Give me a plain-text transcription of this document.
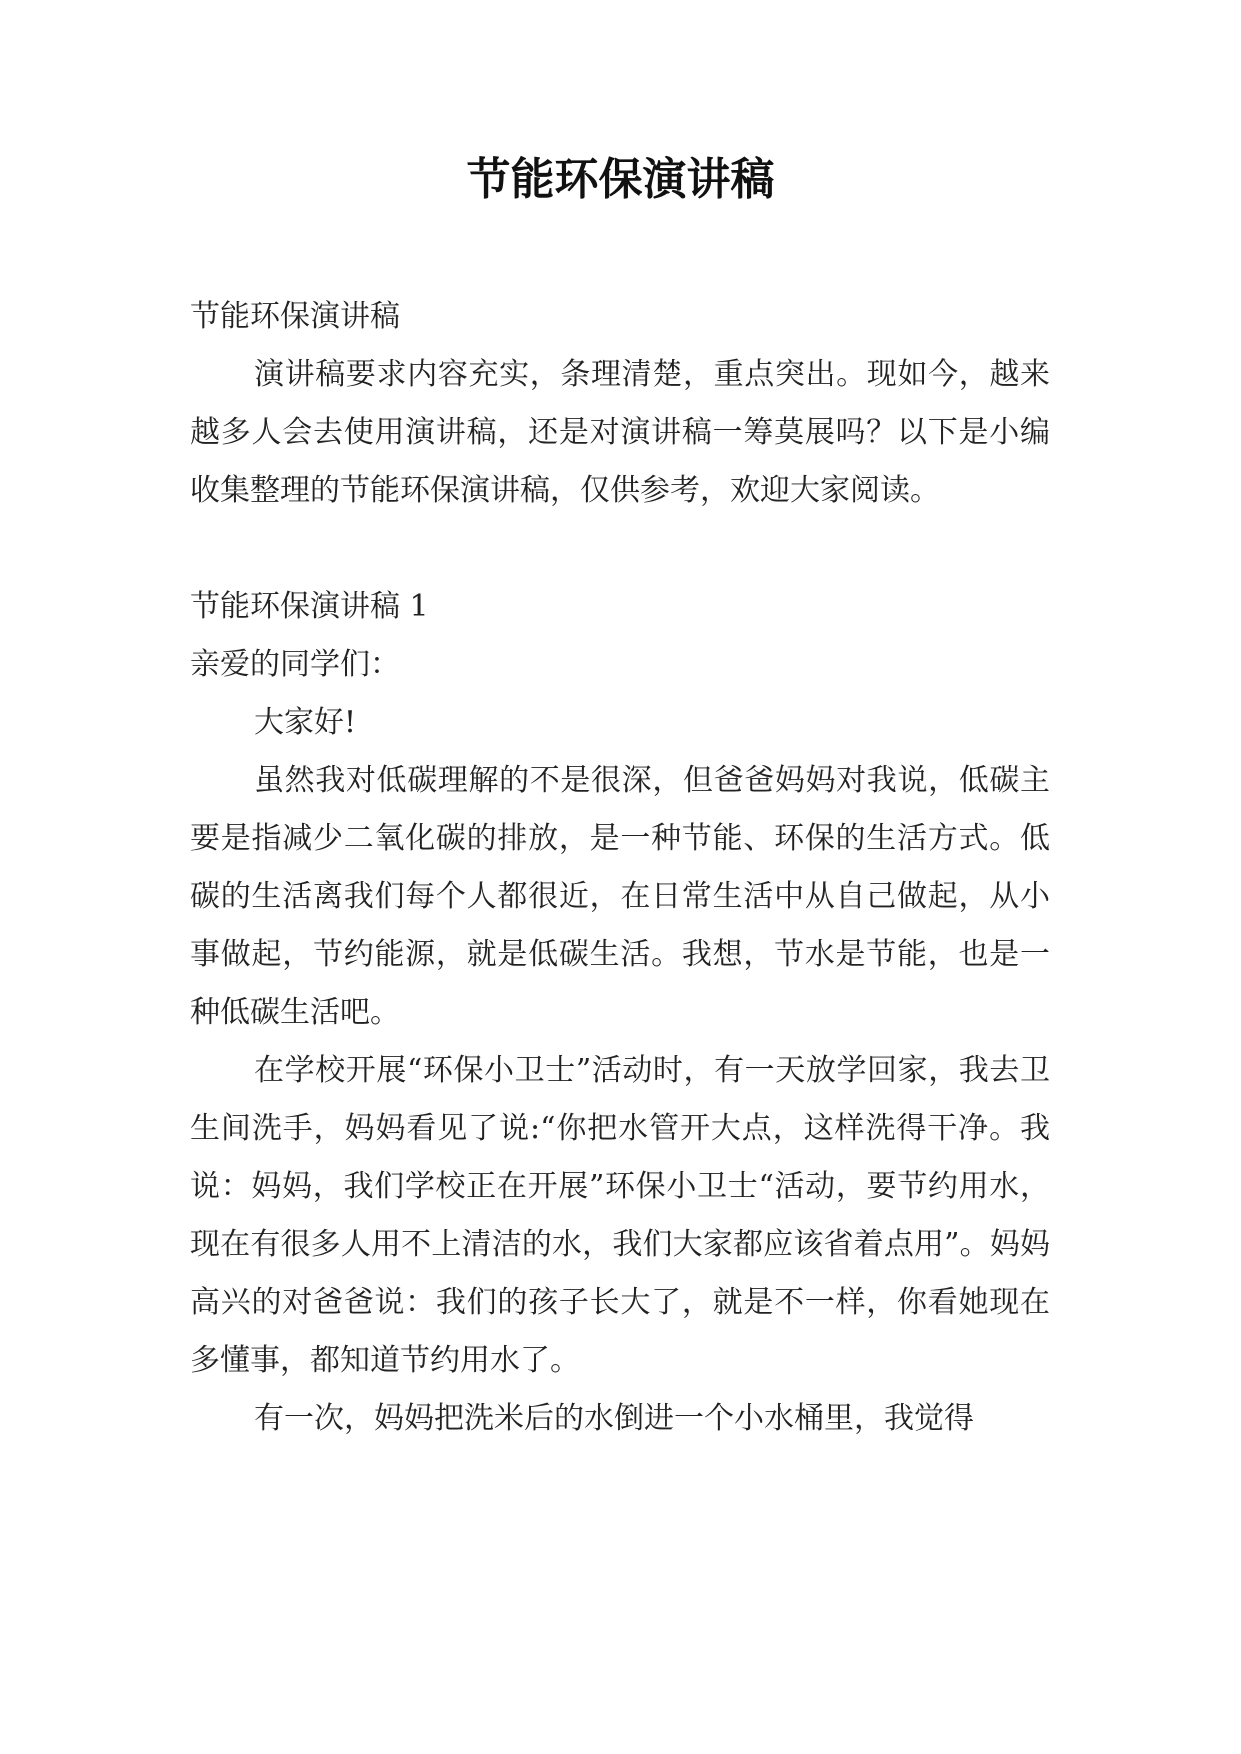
节能环保演讲稿

节能环保演讲稿

演讲稿要求内容充实，条理清楚，重点突出。现如今，越来越多人会去使用演讲稿，还是对演讲稿一筹莫展吗？以下是小编收集整理的节能环保演讲稿，仅供参考，欢迎大家阅读。

节能环保演讲稿 1

亲爱的同学们：

大家好!

虽然我对低碳理解的不是很深，但爸爸妈妈对我说，低碳主要是指减少二氧化碳的排放，是一种节能、环保的生活方式。低碳的生活离我们每个人都很近，在日常生活中从自己做起，从小事做起，节约能源，就是低碳生活。我想，节水是节能，也是一种低碳生活吧。

在学校开展“环保小卫士”活动时，有一天放学回家，我去卫生间洗手，妈妈看见了说:“你把水管开大点，这样洗得干净。我说：妈妈，我们学校正在开展”环保小卫士“活动，要节约用水，现在有很多人用不上清洁的水，我们大家都应该省着点用”。妈妈高兴的对爸爸说：我们的孩子长大了，就是不一样，你看她现在多懂事，都知道节约用水了。

有一次，妈妈把洗米后的水倒进一个小水桶里，我觉得
